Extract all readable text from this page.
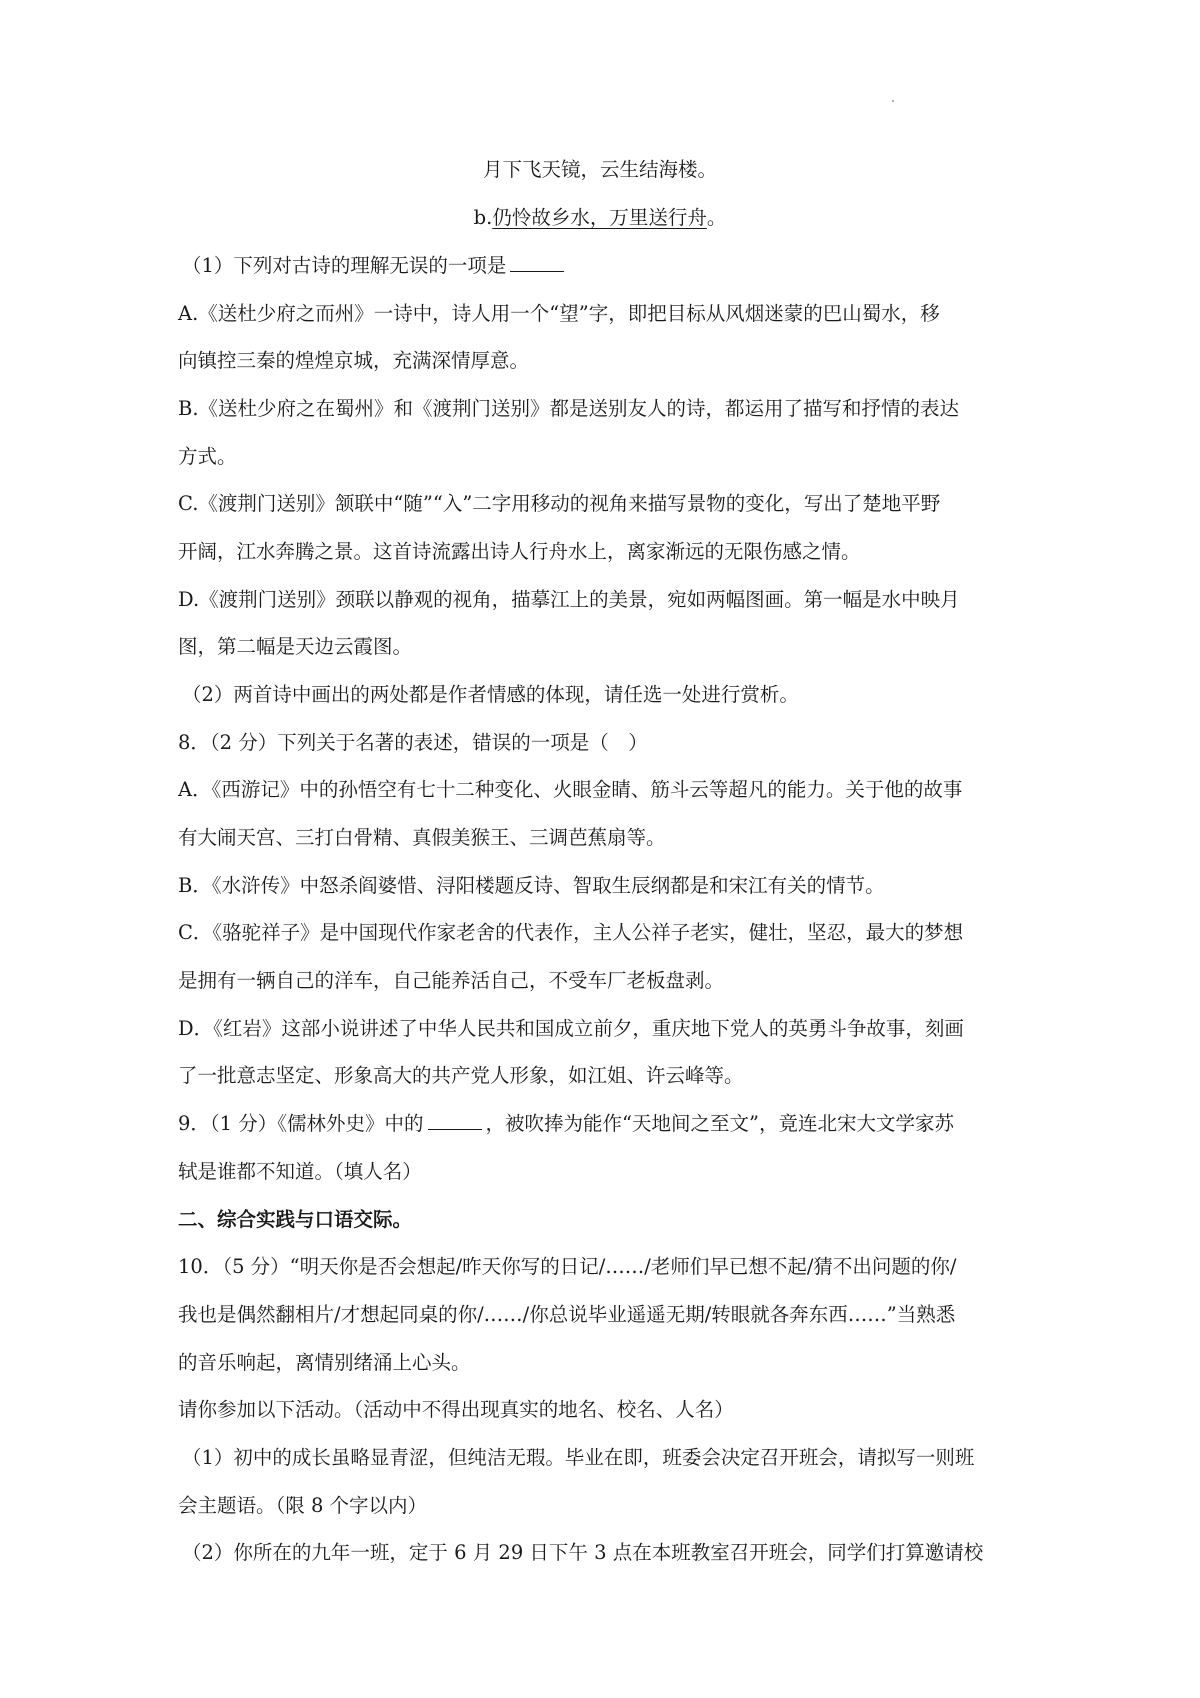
月下飞天镜，云生结海楼。
b.仍怜故乡水，万里送行舟。
（1）下列对古诗的理解无误的一项是
A.《送杜少府之而州》一诗中，诗人用一个“望”字，即把目标从风烟迷蒙的巴山蜀水，移
向镇控三秦的煌煌京城，充满深情厚意。
B.《送杜少府之在蜀州》和《渡荆门送别》都是送别友人的诗，都运用了描写和抒情的表达
方式。
C.《渡荆门送别》颔联中“随”“入”二字用移动的视角来描写景物的变化，写出了楚地平野
开阔，江水奔腾之景。这首诗流露出诗人行舟水上，离家渐远的无限伤感之情。
D.《渡荆门送别》颈联以静观的视角，描摹江上的美景，宛如两幅图画。第一幅是水中映月
图，第二幅是天边云霞图。
（2）两首诗中画出的两处都是作者情感的体现，请任选一处进行赏析。
8．（2 分）下列关于名著的表述，错误的一项是（　）
A．《西游记》中的孙悟空有七十二种变化、火眼金睛、筋斗云等超凡的能力。关于他的故事
有大闹天宫、三打白骨精、真假美猴王、三调芭蕉扇等。
B．《水浒传》中怒杀阎婆惜、浔阳楼题反诗、智取生辰纲都是和宋江有关的情节。
C．《骆驼祥子》是中国现代作家老舍的代表作，主人公祥子老实，健壮，坚忍，最大的梦想
是拥有一辆自己的洋车，自己能养活自己，不受车厂老板盘剥。
D．《红岩》这部小说讲述了中华人民共和国成立前夕，重庆地下党人的英勇斗争故事，刻画
了一批意志坚定、形象高大的共产党人形象，如江姐、许云峰等。
9．（1 分）《儒林外史》中的	，被吹捧为能作“天地间之至文”，竟连北宋大文学家苏
轼是谁都不知道。（填人名）
二、综合实践与口语交际。
10．（5 分）“明天你是否会想起/昨天你写的日记/……/老师们早已想不起/猜不出问题的你/
我也是偶然翻相片/才想起同桌的你/……/你总说毕业遥遥无期/转眼就各奔东西……”当熟悉
的音乐响起，离情别绪涌上心头。
请你参加以下活动。（活动中不得出现真实的地名、校名、人名）
（1）初中的成长虽略显青涩，但纯洁无瑕。毕业在即，班委会决定召开班会，请拟写一则班
会主题语。（限 8 个字以内）
（2）你所在的九年一班，定于 6 月 29 日下午 3 点在本班教室召开班会，同学们打算邀请校
